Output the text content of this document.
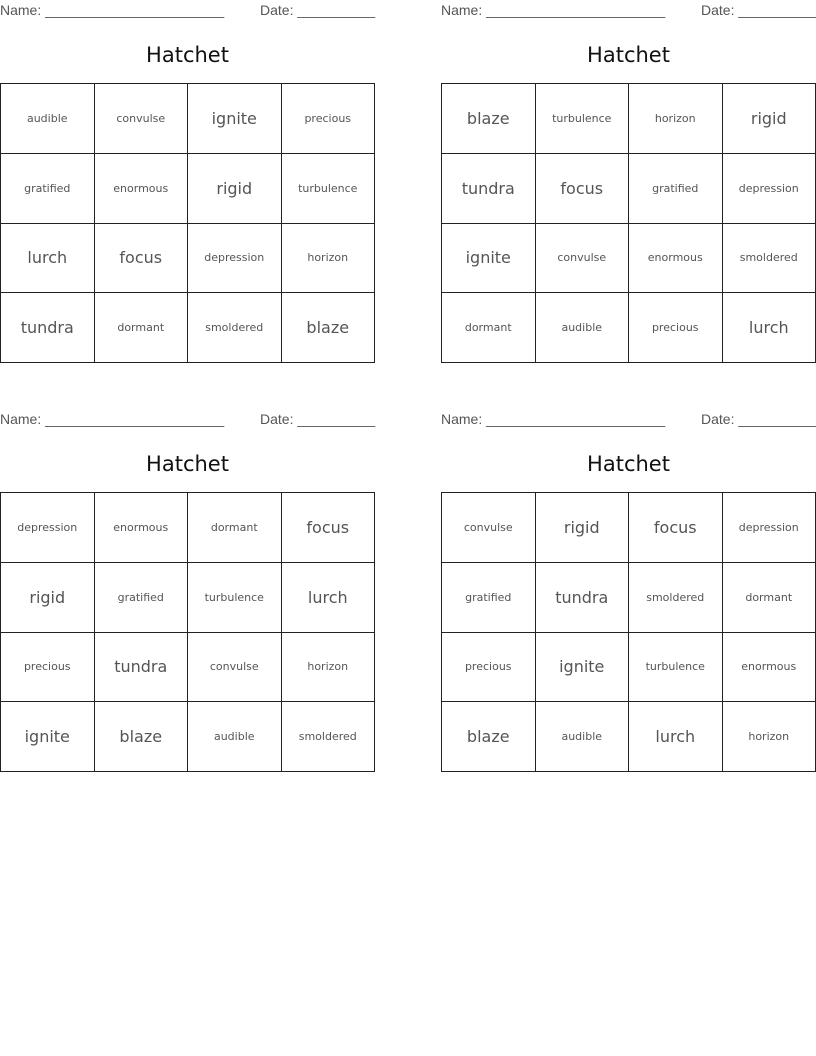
Name: _______________________	Date: __________
Hatchet
audible	convulse	ignite	precious
gratified	enormous	rigid	turbulence
lurch	focus	depression	horizon
tundra	dormant	smoldered	blaze
Name: _______________________	Date: __________
Hatchet
blaze	turbulence	horizon	rigid
tundra	focus	gratified	depression
ignite	convulse	enormous	smoldered
dormant	audible	precious	lurch
Name: _______________________	Date: __________
Hatchet
depression	enormous	dormant	focus
rigid	gratified	turbulence	lurch
precious	tundra	convulse	horizon
ignite	blaze	audible	smoldered
Name: _______________________	Date: __________
Hatchet
convulse	rigid	focus	depression
gratified	tundra	smoldered	dormant
precious	ignite	turbulence	enormous
blaze	audible	lurch	horizon
